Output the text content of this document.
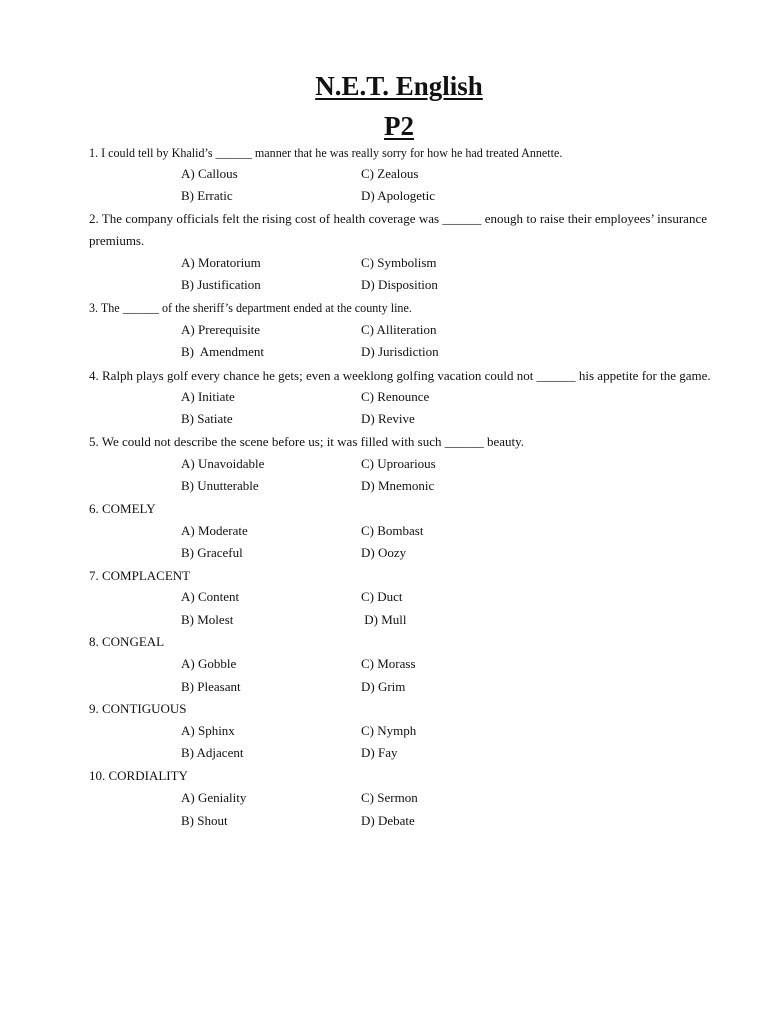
N.E.T. English
P2
1. I could tell by Khalid’s ______ manner that he was really sorry for how he had treated Annette.
A) Callous	C) Zealous
B) Erratic	D) Apologetic
2. The company officials felt the rising cost of health coverage was ______ enough to raise their employees’ insurance premiums.
A) Moratorium	C) Symbolism
B) Justification	D) Disposition
3. The ______ of the sheriff’s department ended at the county line.
A) Prerequisite	C) Alliteration
B)  Amendment	D) Jurisdiction
4. Ralph plays golf every chance he gets; even a weeklong golfing vacation could not ______ his appetite for the game.
A) Initiate	C) Renounce
B) Satiate	D) Revive
5. We could not describe the scene before us; it was filled with such ______ beauty.
A) Unavoidable	C) Uproarious
B) Unutterable	D) Mnemonic
6. COMELY
A) Moderate	C) Bombast
B) Graceful	D) Oozy
7. COMPLACENT
A) Content	C) Duct
B) Molest	D) Mull
8. CONGEAL
A) Gobble	C) Morass
B) Pleasant	D) Grim
9. CONTIGUOUS
A) Sphinx	C) Nymph
B) Adjacent	D) Fay
10. CORDIALITY
A) Geniality	C) Sermon
B) Shout	D) Debate
